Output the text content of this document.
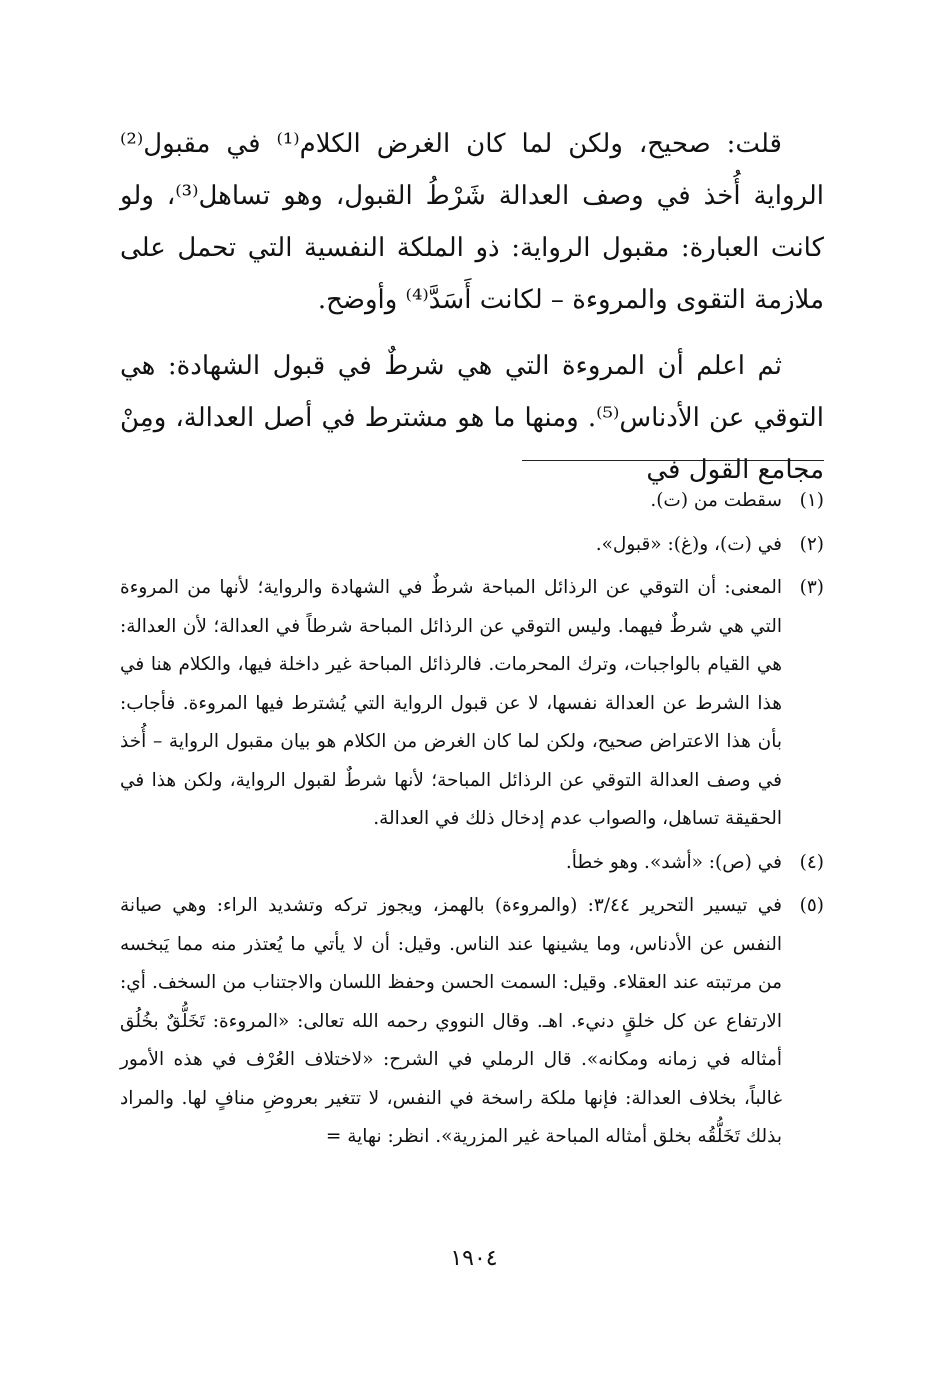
قلت: صحيح، ولكن لما كان الغرض الكلام⁽¹⁾ في مقبول⁽²⁾ الرواية أُخذ في وصف العدالة شَرْطُ القبول، وهو تساهل⁽³⁾، ولو كانت العبارة: مقبول الرواية: ذو الملكة النفسية التي تحمل على ملازمة التقوى والمروءة – لكانت أَسَدَّ⁽⁴⁾ وأوضح.

ثم اعلم أن المروءة التي هي شرطٌ في قبول الشهادة: هي التوقي عن الأدناس⁽⁵⁾. ومنها ما هو مشترط في أصل العدالة، ومِنْ مجامع القول في

(١)
سقطت من (ت).
(٢)
في (ت)، و(غ): «قبول».
(٣)
المعنى: أن التوقي عن الرذائل المباحة شرطٌ في الشهادة والرواية؛ لأنها من المروءة التي هي شرطٌ فيهما. وليس التوقي عن الرذائل المباحة شرطاً في العدالة؛ لأن العدالة: هي القيام بالواجبات، وترك المحرمات. فالرذائل المباحة غير داخلة فيها، والكلام هنا في هذا الشرط عن العدالة نفسها، لا عن قبول الرواية التي يُشترط فيها المروءة. فأجاب: بأن هذا الاعتراض صحيح، ولكن لما كان الغرض من الكلام هو بيان مقبول الرواية – أُخذ في وصف العدالة التوقي عن الرذائل المباحة؛ لأنها شرطٌ لقبول الرواية، ولكن هذا في الحقيقة تساهل، والصواب عدم إدخال ذلك في العدالة.
(٤)
في (ص): «أشد». وهو خطأ.
(٥)
في تيسير التحرير ٣/٤٤: (والمروءة) بالهمز، ويجوز تركه وتشديد الراء: وهي صيانة النفس عن الأدناس، وما يشينها عند الناس. وقيل: أن لا يأتي ما يُعتذر منه مما يَبخسه من مرتبته عند العقلاء. وقيل: السمت الحسن وحفظ اللسان والاجتناب من السخف. أي: الارتفاع عن كل خلقٍ دنيء. اهـ. وقال النووي رحمه الله تعالى: «المروءة: تَخَلُّقٌ بخُلُق أمثاله في زمانه ومكانه». قال الرملي في الشرح: «لاختلاف العُرْف في هذه الأمور غالباً، بخلاف العدالة: فإنها ملكة راسخة في النفس، لا تتغير بعروضِ منافٍ لها. والمراد بذلك تَخَلُّقُه بخلق أمثاله المباحة غير المزرية». انظر: نهاية =
١٩٠٤
